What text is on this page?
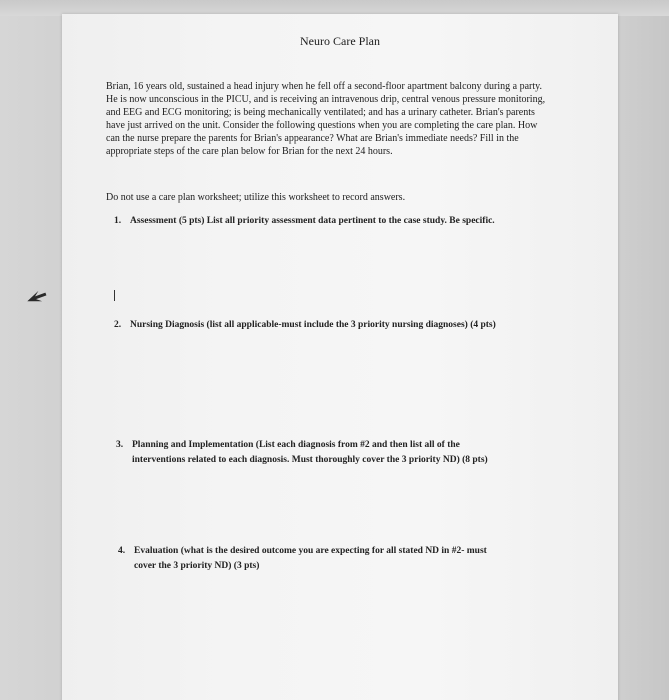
Neuro Care Plan

Brian, 16 years old, sustained a head injury when he fell off a second-floor apartment balcony during a party. He is now unconscious in the PICU, and is receiving an intravenous drip, central venous pressure monitoring, and EEG and ECG monitoring; is being mechanically ventilated; and has a urinary catheter. Brian's parents have just arrived on the unit. Consider the following questions when you are completing the care plan. How can the nurse prepare the parents for Brian's appearance? What are Brian's immediate needs? Fill in the appropriate steps of the care plan below for Brian for the next 24 hours.

Do not use a care plan worksheet; utilize this worksheet to record answers.

1. Assessment (5 pts) List all priority assessment data pertinent to the case study. Be specific.

2. Nursing Diagnosis (list all applicable-must include the 3 priority nursing diagnoses) (4 pts)

3. Planning and Implementation (List each diagnosis from #2 and then list all of the
interventions related to each diagnosis. Must thoroughly cover the 3 priority ND) (8 pts)

4. Evaluation (what is the desired outcome you are expecting for all stated ND in #2- must
cover the 3 priority ND) (3 pts)
